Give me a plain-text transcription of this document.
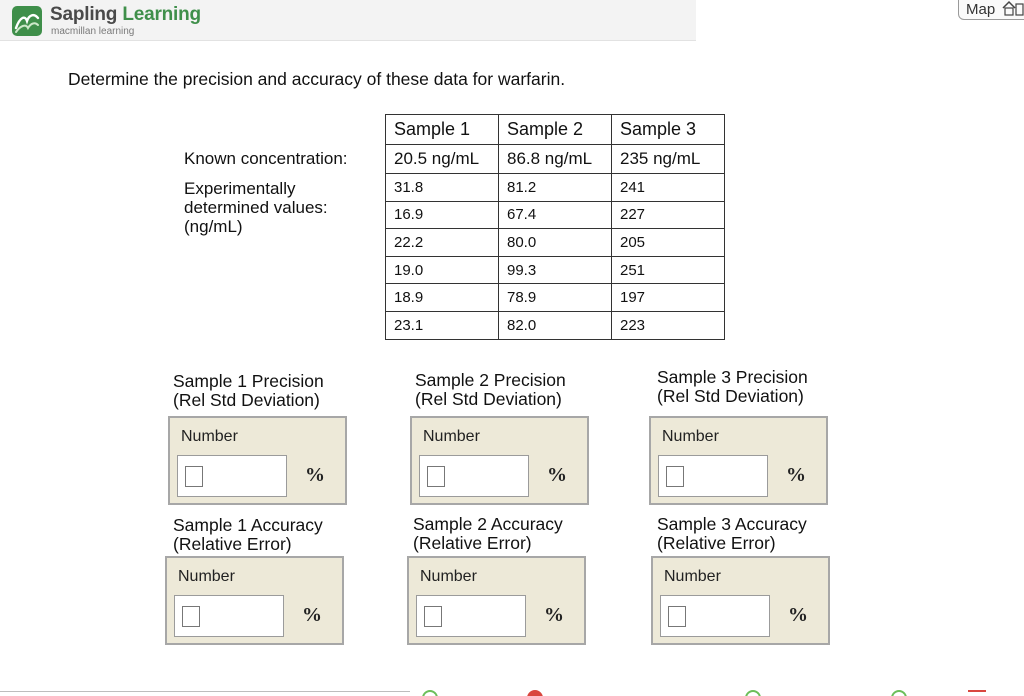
Sapling Learning
macmillan learning
Map
Determine the precision and accuracy of these data for warfarin.
Known concentration:
Experimentally
determined values:
(ng/mL)
Sample 1	Sample 2	Sample 3
20.5 ng/mL	86.8 ng/mL	235 ng/mL
31.8	81.2	241
16.9	67.4	227
22.2	80.0	205
19.0	99.3	251
18.9	78.9	197
23.1	82.0	223
Sample 1 Precision
(Rel Std Deviation)
Sample 2 Precision
(Rel Std Deviation)
Sample 3 Precision
(Rel Std Deviation)
Number
%
Number
%
Number
%
Sample 1 Accuracy
(Relative Error)
Sample 2 Accuracy
(Relative Error)
Sample 3 Accuracy
(Relative Error)
Number
%
Number
%
Number
%
